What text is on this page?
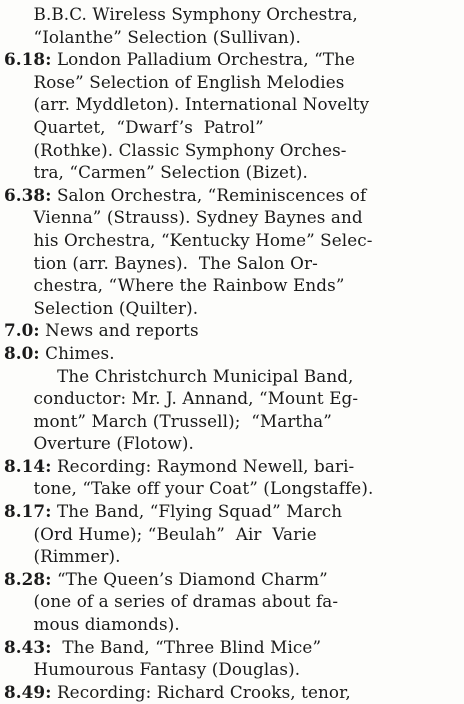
B.B.C. Wireless Symphony Orchestra,
“Iolanthe” Selection (Sullivan).
6.18: London Palladium Orchestra, “The
Rose” Selection of English Melodies
(arr. Myddleton). International Novelty
Quartet,  “Dwarf’s  Patrol”
(Rothke). Classic Symphony Orches-
tra, “Carmen” Selection (Bizet).
6.38: Salon Orchestra, “Reminiscences of
Vienna” (Strauss). Sydney Baynes and
his Orchestra, “Kentucky Home” Selec-
tion (arr. Baynes).  The Salon Or-
chestra, “Where the Rainbow Ends”
Selection (Quilter).
7.0: News and reports
8.0: Chimes.
The Christchurch Municipal Band,
conductor: Mr. J. Annand, “Mount Eg-
mont” March (Trussell);  “Martha”
Overture (Flotow).
8.14: Recording: Raymond Newell, bari-
tone, “Take off your Coat” (Longstaffe).
8.17: The Band, “Flying Squad” March
(Ord Hume); “Beulah”  Air  Varie
(Rimmer).
8.28: “The Queen’s Diamond Charm”
(one of a series of dramas about fa-
mous diamonds).
8.43:  The Band, “Three Blind Mice”
Humourous Fantasy (Douglas).
8.49: Recording: Richard Crooks, tenor,
